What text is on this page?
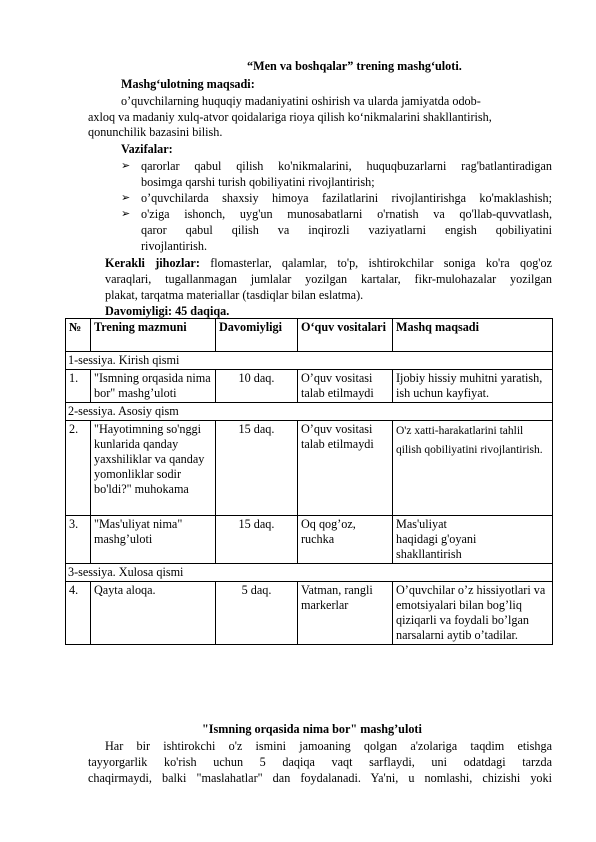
“Men va boshqalar” trening mashg‘uloti.
Mashg‘ulotning maqsadi:
o’quvchilarning huquqiy madaniyatini oshirish va ularda jamiyatda odob-
axloq va madaniy xulq-atvor qoidalariga rioya qilish ko‘nikmalarini shakllantirish,
qonunchilik bazasini bilish.
Vazifalar:
➢ qarorlar qabul qilish ko'nikmalarini, huquqbuzarlarni rag'batlantiradigan
bosimga qarshi turish qobiliyatini rivojlantirish;
➢ o’quvchilarda shaxsiy himoya fazilatlarini rivojlantirishga ko'maklashish;
➢ o'ziga ishonch, uyg'un munosabatlarni o'rnatish va qo'llab-quvvatlash,
qaror qabul qilish va inqirozli vaziyatlarni engish qobiliyatini
rivojlantirish.
Kerakli jihozlar: flomasterlar, qalamlar, to'p, ishtirokchilar soniga ko'ra qog'oz
varaqlari, tugallanmagan jumlalar yozilgan kartalar, fikr-mulohazalar yozilgan
plakat, tarqatma materiallar (tasdiqlar bilan eslatma).
Davomiyligi: 45 daqiqa.
№	Trening mazmuni	Davomiyligi	O‘quv vositalari	Mashq maqsadi
1-sessiya. Kirish qismi				
1.	"Ismning orqasida nima bor" mashg’uloti	10 daq.	O’quv vositasi talab etilmaydi	Ijobiy hissiy muhitni yaratish, ish uchun kayfiyat.
2-sessiya. Asosiy qism				
2.	"Hayotimning so'nggi kunlarida qanday yaxshiliklar va qanday yomonliklar sodir bo'ldi?" muhokama	15 daq.	O’quv vositasi talab etilmaydi	O'z xatti-harakatlarini tahlil qilish qobiliyatini rivojlantirish.
3.	"Mas'uliyat nima" mashg’uloti	15 daq.	Oq qog’oz, ruchka	Mas'uliyat haqidagi g'oyani shakllantirish
3-sessiya. Xulosa qismi				
4.	Qayta aloqa.	5 daq.	Vatman, rangli markerlar	O’quvchilar o’z hissiyotlari va emotsiyalari bilan bog’liq qiziqarli va foydali bo’lgan narsalarni aytib o’tadilar.
"Ismning orqasida nima bor" mashg’uloti
Har bir ishtirokchi o'z ismini jamoaning qolgan a'zolariga taqdim etishga
tayyorgarlik ko'rish uchun 5 daqiqa vaqt sarflaydi, uni odatdagi tarzda
chaqirmaydi, balki "maslahatlar" dan foydalanadi. Ya'ni, u nomlashi, chizishi yoki
